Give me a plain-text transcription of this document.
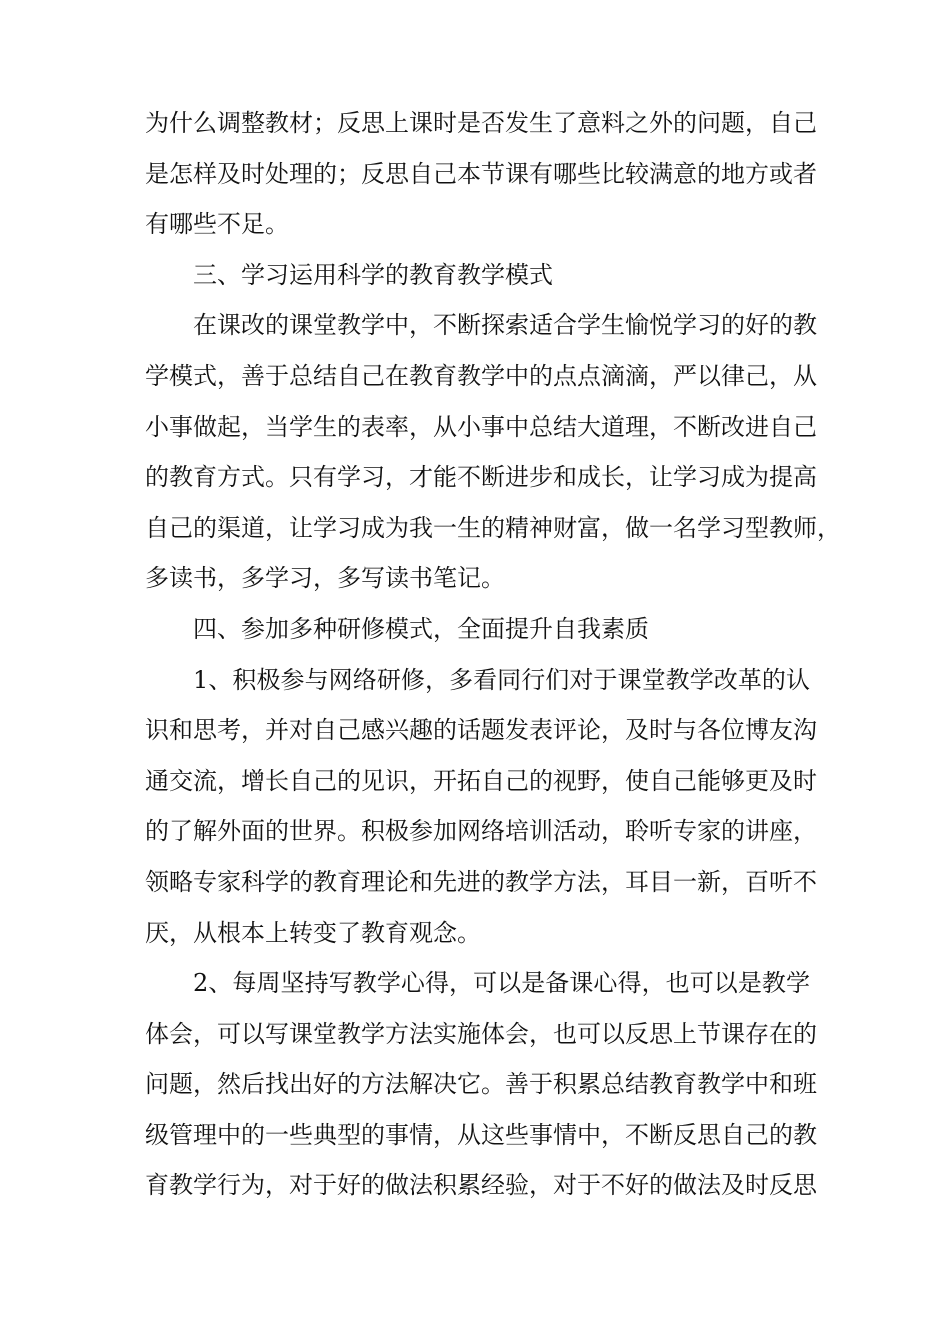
为什么调整教材；反思上课时是否发生了意料之外的问题，自己
是怎样及时处理的；反思自己本节课有哪些比较满意的地方或者
有哪些不足。
三、学习运用科学的教育教学模式
在课改的课堂教学中，不断探索适合学生愉悦学习的好的教
学模式，善于总结自己在教育教学中的点点滴滴，严以律己，从
小事做起，当学生的表率，从小事中总结大道理，不断改进自己
的教育方式。只有学习，才能不断进步和成长，让学习成为提高
自己的渠道，让学习成为我一生的精神财富，做一名学习型教师，
多读书，多学习，多写读书笔记。
四、参加多种研修模式，全面提升自我素质
1、积极参与网络研修，多看同行们对于课堂教学改革的认
识和思考，并对自己感兴趣的话题发表评论，及时与各位博友沟
通交流，增长自己的见识，开拓自己的视野，使自己能够更及时
的了解外面的世界。积极参加网络培训活动，聆听专家的讲座，
领略专家科学的教育理论和先进的教学方法，耳目一新，百听不
厌，从根本上转变了教育观念。
2、每周坚持写教学心得，可以是备课心得，也可以是教学
体会，可以写课堂教学方法实施体会，也可以反思上节课存在的
问题，然后找出好的方法解决它。善于积累总结教育教学中和班
级管理中的一些典型的事情，从这些事情中，不断反思自己的教
育教学行为，对于好的做法积累经验，对于不好的做法及时反思
